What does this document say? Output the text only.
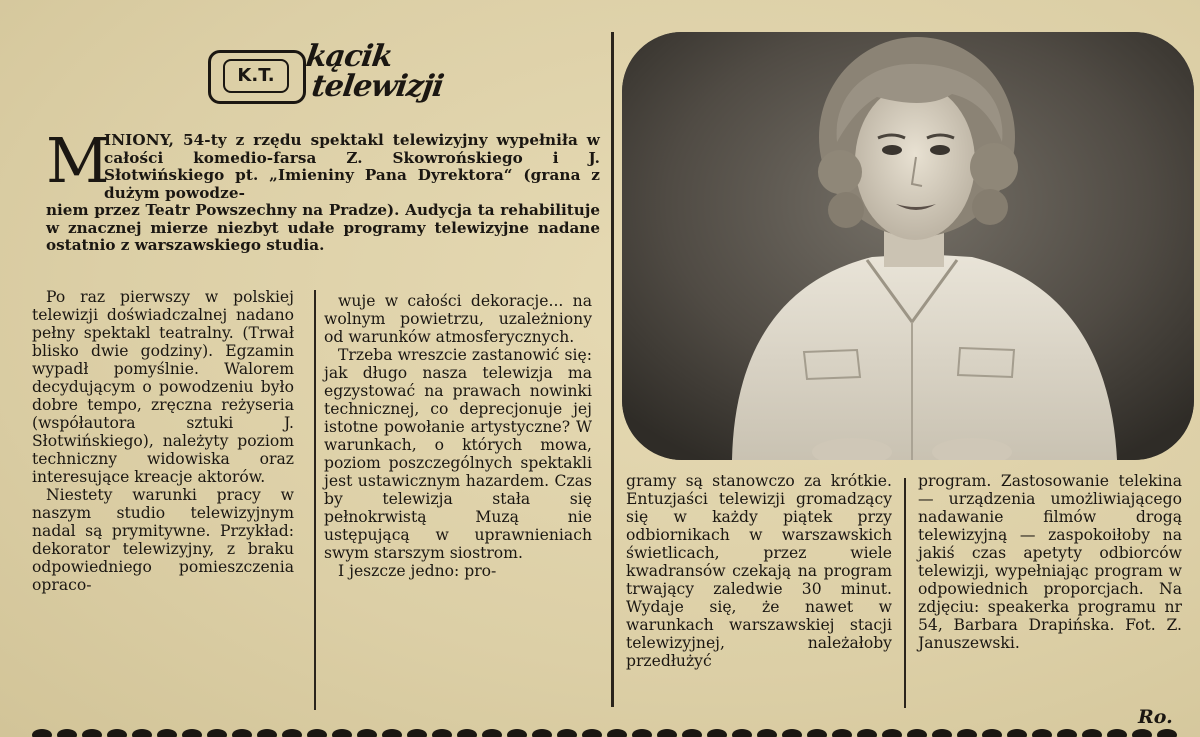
K.T.
kącik
telewizji
M
INIONY, 54-ty z rzędu spektakl telewizyjny wypełniła w całości komedio-farsa Z. Skowrońskiego i J. Słotwińskiego pt. „Imieniny Pana Dyrektora“ (grana z dużym powodze-
niem przez Teatr Powszechny na Pradze). Audycja ta rehabilituje w znacznej mierze niezbyt udałe programy telewizyjne nadane ostatnio z warszawskiego studia.

Po raz pierwszy w polskiej telewizji doświadczalnej nadano pełny spektakl teatralny. (Trwał blisko dwie godziny). Egzamin wypadł pomyślnie. Walorem decydującym o powodzeniu było dobre tempo, zręczna reżyseria (współautora sztuki J. Słotwińskiego), należyty poziom techniczny widowiska oraz interesujące kreacje aktorów.

Niestety warunki pracy w naszym studio telewizyjnym nadal są prymitywne. Przykład: dekorator telewizyjny, z braku odpowiedniego pomieszczenia opraco-

wuje w całości dekoracje... na wolnym powietrzu, uzależniony od warunków atmosferycznych.

Trzeba wreszcie zastanowić się: jak długo nasza telewizja ma egzystować na prawach nowinki technicznej, co deprecjonuje jej istotne powołanie artystyczne? W warunkach, o których mowa, poziom poszczególnych spektakli jest ustawicznym hazardem. Czas by telewizja stała się pełnokrwistą Muzą nie ustępującą w uprawnieniach swym starszym siostrom.

I jeszcze jedno: pro-

gramy są stanowczo za krótkie. Entuzjaści telewizji gromadzący się w każdy piątek przy odbiornikach w warszawskich świetlicach, przez wiele kwadransów czekają na program trwający zaledwie 30 minut. Wydaje się, że nawet w warunkach warszawskiej stacji telewizyjnej, należałoby przedłużyć

program. Zastosowanie telekina — urządzenia umożliwiającego nadawanie filmów drogą telewizyjną — zaspokoiłoby na jakiś czas apetyty odbiorców telewizji, wypełniając program w odpowiednich proporcjach. Na zdjęciu: speakerka programu nr 54, Barbara Drapińska. Fot. Z. Januszewski.

Ro.
